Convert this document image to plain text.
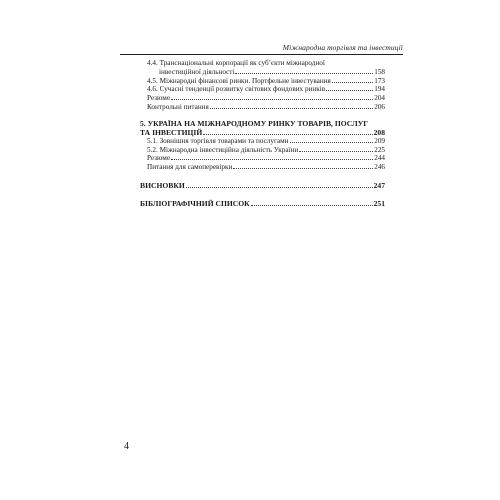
Міжнародна торгівля та інвестиції
4.4. Транснаціональні корпорації як суб’єкти міжнародної
інвестиційної діяльності	158
4.5. Міжнародні фінансові ринки. Портфельне інвестування	173
4.6. Сучасні тенденції розвитку світових фондових ринків	194
Резюме	204
Контрольні питання	206
5. УКРАЇНА НА МІЖНАРОДНОМУ РИНКУ ТОВАРІВ, ПОСЛУГ
ТА ІНВЕСТИЦІЙ	208
5.1. Зовнішня торгівля товарами та послугами	209
5.2. Міжнародна інвестиційна діяльність України	225
Резюме	244
Питання для самоперевірки	246
ВИСНОВКИ	247
БІБЛІОГРАФІЧНИЙ СПИСОК	251
4
